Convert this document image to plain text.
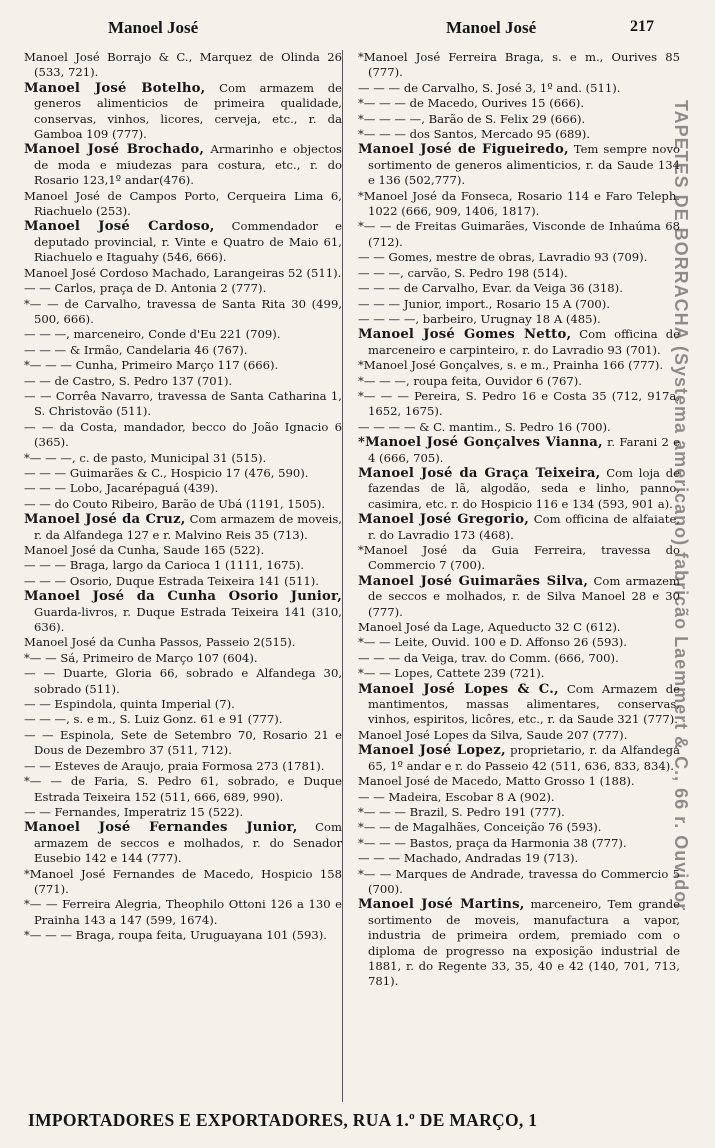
Manoel José	Manoel José	217
Manoel José Borrajo & C., Marquez de Olinda 26 (533, 721).
Manoel José Botelho, Com armazem de generos alimenticios de primeira qualidade, conservas, vinhos, licores, cerveja, etc., r. da Gamboa 109 (777).
Manoel José Brochado, Armarinho e objectos de moda e miudezas para costura, etc., r. do Rosario 123,1º andar(476).
Manoel José de Campos Porto, Cerqueira Lima 6, Riachuelo (253).
Manoel José Cardoso, Commendador e deputado provincial, r. Vinte e Quatro de Maio 61, Riachuelo e Itaguahy (546, 666).
Manoel José Cordoso Machado, Larangeiras 52 (511).
— — Carlos, praça de D. Antonia 2 (777).
*— — de Carvalho, travessa de Santa Rita 30 (499, 500, 666).
— — —, marceneiro, Conde d'Eu 221 (709).
— — — & Irmão, Candelaria 46 (767).
*— — — Cunha, Primeiro Março 117 (666).
— — de Castro, S. Pedro 137 (701).
— — Corrêa Navarro, travessa de Santa Catharina 1, S. Christovão (511).
— — da Costa, mandador, becco do João Ignacio 6 (365).
*— — —, c. de pasto, Municipal 31 (515).
— — — Guimarães & C., Hospicio 17 (476, 590).
— — — Lobo, Jacarépaguá (439).
— — do Couto Ribeiro, Barão de Ubá (1191, 1505).
Manoel José da Cruz, Com armazem de moveis, r. da Alfandega 127 e r. Malvino Reis 35 (713).
Manoel José da Cunha, Saude 165 (522).
— — — Braga, largo da Carioca 1 (1111, 1675).
— — — Osorio, Duque Estrada Teixeira 141 (511).
Manoel José da Cunha Osorio Junior, Guarda-livros, r. Duque Estrada Teixeira 141 (310, 636).
Manoel José da Cunha Passos, Passeio 2(515).
*— — Sá, Primeiro de Março 107 (604).
— — Duarte, Gloria 66, sobrado e Alfandega 30, sobrado (511).
— — Espindola, quinta Imperial (7).
— — —, s. e m., S. Luiz Gonz. 61 e 91 (777).
— — Espinola, Sete de Setembro 70, Rosario 21 e Dous de Dezembro 37 (511, 712).
— — Esteves de Araujo, praia Formosa 273 (1781).
*— — de Faria, S. Pedro 61, sobrado, e Duque Estrada Teixeira 152 (511, 666, 689, 990).
— — Fernandes, Imperatriz 15 (522).
Manoel José Fernandes Junior, Com armazem de seccos e molhados, r. do Senador Eusebio 142 e 144 (777).
*Manoel José Fernandes de Macedo, Hospicio 158 (771).
*— — Ferreira Alegria, Theophilo Ottoni 126 a 130 e Prainha 143 a 147 (599, 1674).
*— — — Braga, roupa feita, Uruguayana 101 (593).
*Manoel José Ferreira Braga, s. e m., Ourives 85 (777).
— — — de Carvalho, S. José 3, 1º and. (511).
*— — — de Macedo, Ourives 15 (666).
*— — — —, Barão de S. Felix 29 (666).
*— — — dos Santos, Mercado 95 (689).
Manoel José de Figueiredo, Tem sempre novo sortimento de generos alimenticios, r. da Saude 134 e 136 (502,777).
*Manoel José da Fonseca, Rosario 114 e Faro Teleph. 1022 (666, 909, 1406, 1817).
*— — de Freitas Guimarães, Visconde de Inhaúma 68 (712).
— — Gomes, mestre de obras, Lavradio 93 (709).
— — —, carvão, S. Pedro 198 (514).
— — — de Carvalho, Evar. da Veiga 36 (318).
— — — Junior, import., Rosario 15 A (700).
— — — —, barbeiro, Urugnay 18 A (485).
Manoel José Gomes Netto, Com officina de marceneiro e carpinteiro, r. do Lavradio 93 (701).
*Manoel José Gonçalves, s. e m., Prainha 166 (777).
*— — —, roupa feita, Ouvidor 6 (767).
*— — — Pereira, S. Pedro 16 e Costa 35 (712, 917a, 1652, 1675).
— — — — & C. mantim., S. Pedro 16 (700).
*Manoel José Gonçalves Vianna, r. Farani 2 e 4 (666, 705).
Manoel José da Graça Teixeira, Com loja de fazendas de lã, algodão, seda e linho, panno, casimira, etc. r. do Hospicio 116 e 134 (593, 901 a).
Manoel José Gregorio, Com officina de alfaiate, r. do Lavradio 173 (468).
*Manoel José da Guia Ferreira, travessa do Commercio 7 (700).
Manoel José Guimarães Silva, Com armazem de seccos e molhados, r. de Silva Manoel 28 e 30 (777).
Manoel José da Lage, Aqueducto 32 C (612).
*— — Leite, Ouvid. 100 e D. Affonso 26 (593).
— — — da Veiga, trav. do Comm. (666, 700).
*— — Lopes, Cattete 239 (721).
Manoel José Lopes & C., Com Armazem de mantimentos, massas alimentares, conservas, vinhos, espiritos, licôres, etc., r. da Saude 321 (777).
Manoel José Lopes da Silva, Saude 207 (777).
Manoel José Lopez, proprietario, r. da Alfandega 65, 1º andar e r. do Passeio 42 (511, 636, 833, 834).
Manoel José de Macedo, Matto Grosso 1 (188).
— — Madeira, Escobar 8 A (902).
*— — — Brazil, S. Pedro 191 (777).
*— — de Magalhães, Conceição 76 (593).
*— — — Bastos, praça da Harmonia 38 (777).
— — — Machado, Andradas 19 (713).
*— — Marques de Andrade, travessa do Commercio 5 (700).
Manoel José Martins, marceneiro, Tem grande sortimento de moveis, manufactura a vapor, industria de primeira ordem, premiado com o diploma de progresso na exposição industrial de 1881, r. do Regente 33, 35, 40 e 42 (140, 701, 713, 781).
TAPETES DE BORRACHA (Systema americano) fabricão Laemmert & C., 66 r. Ouvidor
IMPORTADORES E EXPORTADORES, RUA 1.º DE MARÇO, 1
